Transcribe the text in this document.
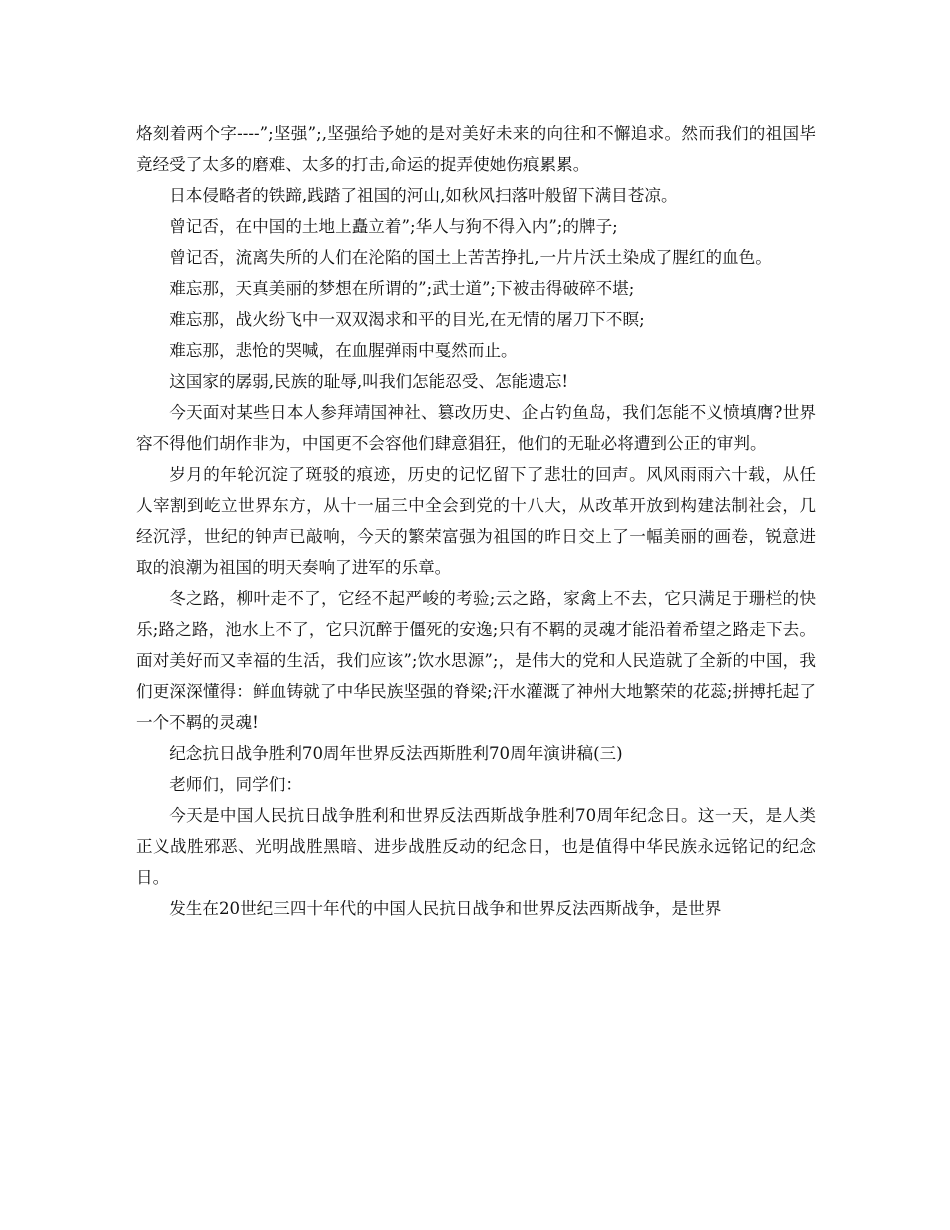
烙刻着两个字----”;坚强”;,坚强给予她的是对美好未来的向往和不懈追求。然而我们的祖国毕竟经受了太多的磨难、太多的打击,命运的捉弄使她伤痕累累。

日本侵略者的铁蹄,践踏了祖国的河山,如秋风扫落叶般留下满目苍凉。

曾记否，在中国的土地上矗立着”;华人与狗不得入内”;的牌子;

曾记否，流离失所的人们在沦陷的国土上苦苦挣扎,一片片沃土染成了腥红的血色。

难忘那，天真美丽的梦想在所谓的”;武士道”;下被击得破碎不堪;

难忘那，战火纷飞中一双双渴求和平的目光,在无情的屠刀下不瞑;

难忘那，悲怆的哭喊，在血腥弹雨中戛然而止。

这国家的孱弱,民族的耻辱,叫我们怎能忍受、怎能遗忘!

今天面对某些日本人参拜靖国神社、篡改历史、企占钓鱼岛，我们怎能不义愤填膺?世界容不得他们胡作非为，中国更不会容他们肆意猖狂，他们的无耻必将遭到公正的审判。

岁月的年轮沉淀了斑驳的痕迹，历史的记忆留下了悲壮的回声。风风雨雨六十载，从任人宰割到屹立世界东方，从十一届三中全会到党的十八大，从改革开放到构建法制社会，几经沉浮，世纪的钟声已敲响，今天的繁荣富强为祖国的昨日交上了一幅美丽的画卷，锐意进取的浪潮为祖国的明天奏响了进军的乐章。

冬之路，柳叶走不了，它经不起严峻的考验;云之路，家禽上不去，它只满足于珊栏的快乐;路之路，池水上不了，它只沉醉于僵死的安逸;只有不羁的灵魂才能沿着希望之路走下去。面对美好而又幸福的生活，我们应该”;饮水思源”;，是伟大的党和人民造就了全新的中国，我们更深深懂得：鲜血铸就了中华民族坚强的脊梁;汗水灌溉了神州大地繁荣的花蕊;拼搏托起了一个不羁的灵魂!

纪念抗日战争胜利70周年世界反法西斯胜利70周年演讲稿(三)

老师们，同学们：

今天是中国人民抗日战争胜利和世界反法西斯战争胜利70周年纪念日。这一天，是人类正义战胜邪恶、光明战胜黑暗、进步战胜反动的纪念日，也是值得中华民族永远铭记的纪念日。

发生在20世纪三四十年代的中国人民抗日战争和世界反法西斯战争，是世界
